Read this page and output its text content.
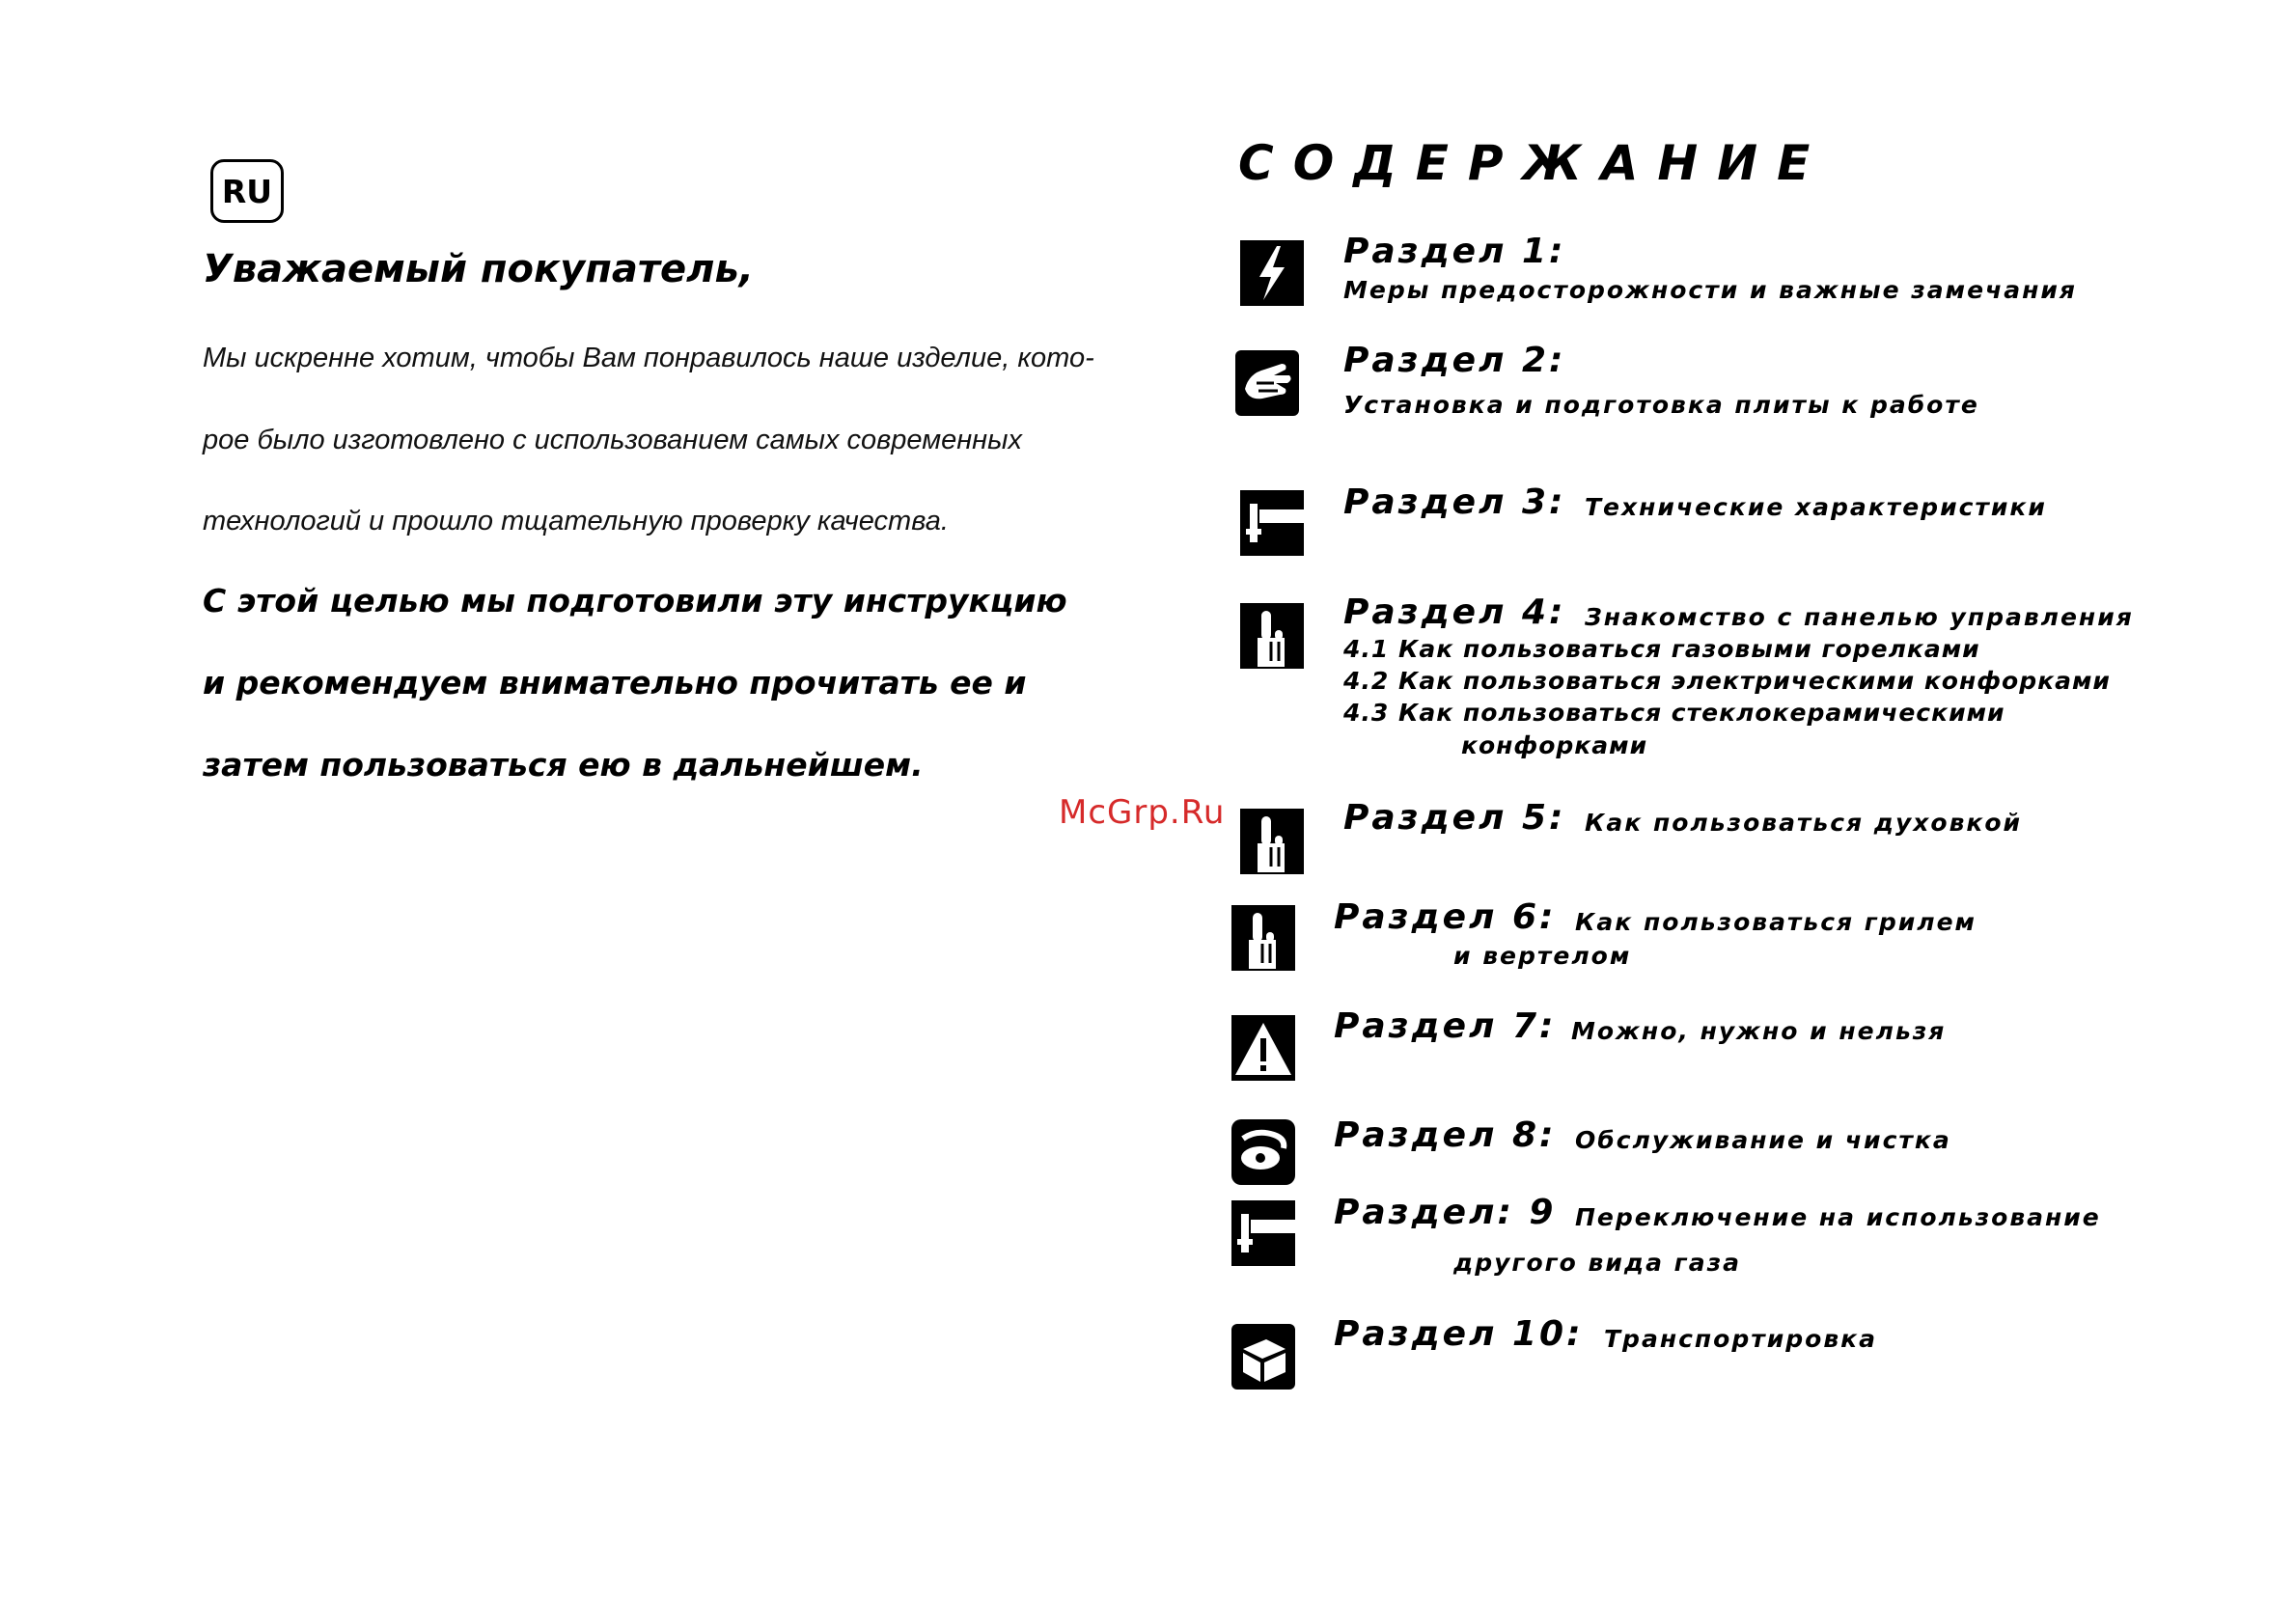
RU
Уважаемый покупатель,
Мы искренне хотим, чтобы Вам понравилось наше изделие, кото-
рое было изготовлено с использованием самых современных
технологий и прошло тщательную проверку качества.
С этой целью мы подготовили эту инструкцию
и рекомендуем внимательно прочитать ее и
затем пользоваться ею в дальнейшем.
McGrp.Ru
СОДЕРЖАНИЕ
Раздел 1:
Меры предосторожности и важные замечания
Раздел 2:
Установка и подготовка плиты к работе
Раздел 3: Технические характеристики
Раздел 4: Знакомство с панелью управления
4.1 Как пользоваться газовыми горелками
4.2 Как пользоваться электрическими конфорками
4.3 Как пользоваться стеклокерамическими
конфорками
Раздел 5: Как пользоваться духовкой
Раздел 6: Как пользоваться грилем
и вертелом
Раздел 7: Можно, нужно и нельзя
Раздел 8: Обслуживание и чистка
Раздел: 9 Переключение на использование
другого вида газа
Раздел 10: Транспортировка
